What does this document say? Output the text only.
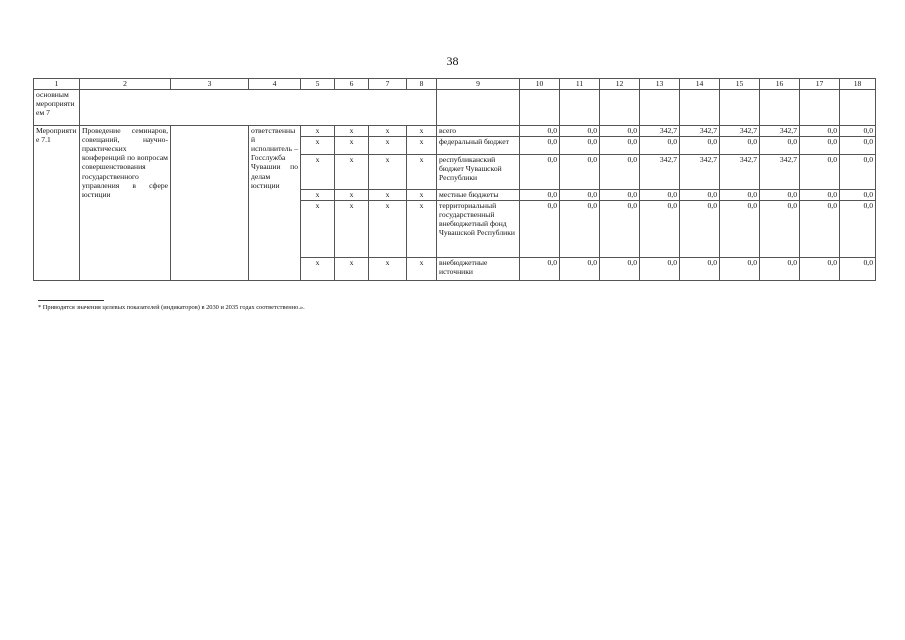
38
1	2	3	4	5	6	7	8	9	10	11	12	13	14	15	16	17	18
основным мероприятием 7																	
Мероприятие 7.1	Проведение семинаров, совещаний, научно-практических конференций по вопросам совершенствования государственного управления в сфере юстиции		ответственный исполнитель – Госслужба Чувашии по делам юстиции	x	x	x	x	всего	0,0	0,0	0,0	342,7	342,7	342,7	342,7	0,0	0,0
				x	x	x	x	федеральный бюджет	0,0	0,0	0,0	0,0	0,0	0,0	0,0	0,0	0,0
				x	x	x	x	республиканский бюджет Чувашской Республики	0,0	0,0	0,0	342,7	342,7	342,7	342,7	0,0	0,0
				x	x	x	x	местные бюджеты	0,0	0,0	0,0	0,0	0,0	0,0	0,0	0,0	0,0
				x	x	x	x	территориальный государственный внебюджетный фонд Чувашской Республики	0,0	0,0	0,0	0,0	0,0	0,0	0,0	0,0	0,0
				x	x	x	x	внебюджетные источники	0,0	0,0	0,0	0,0	0,0	0,0	0,0	0,0	0,0
* Приводятся значения целевых показателей (индикаторов) в 2030 и 2035 годах соответственно.».
